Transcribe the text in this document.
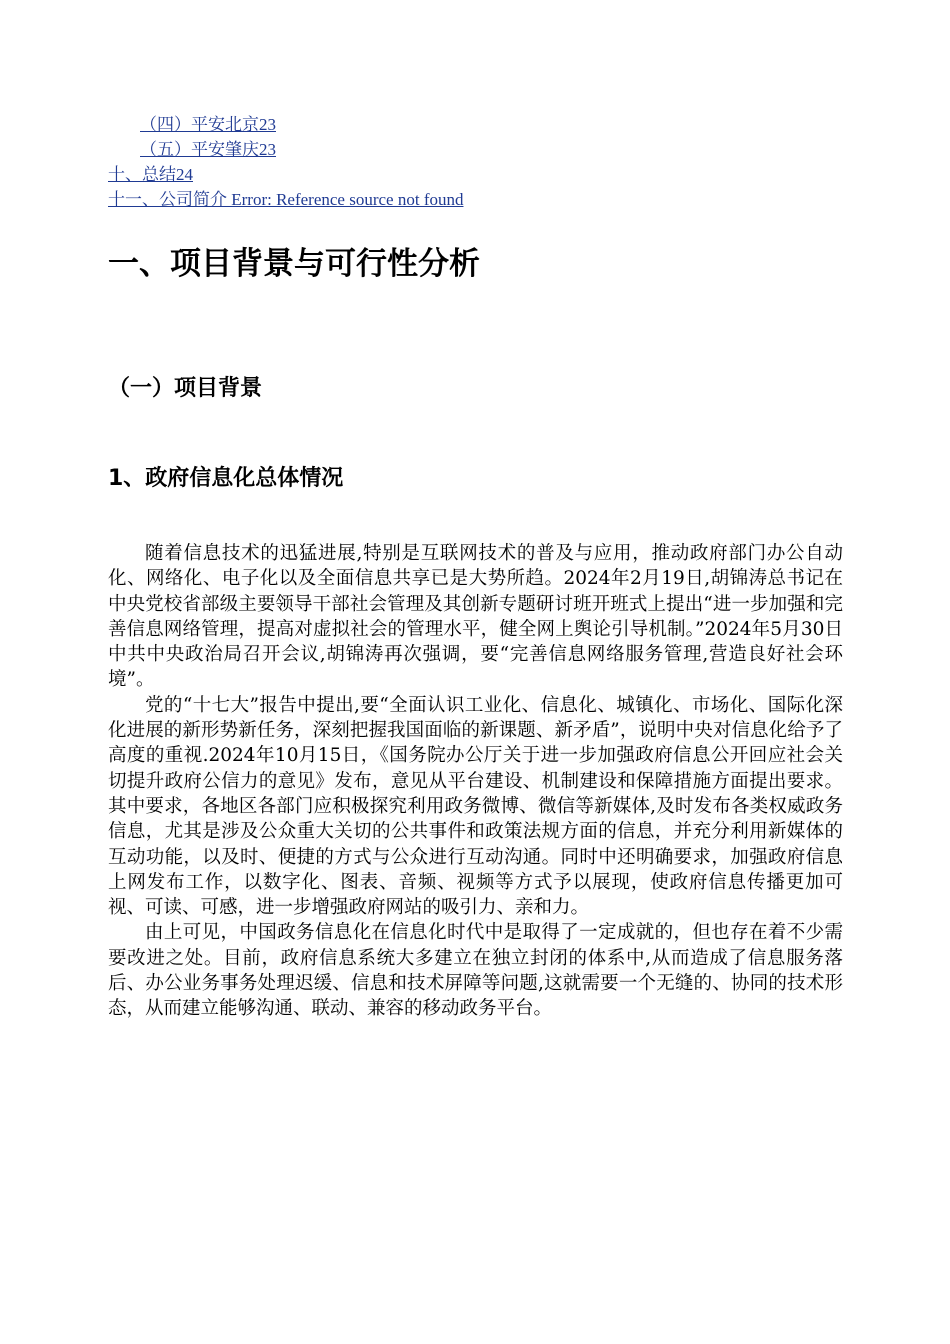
（四）平安北京23
（五）平安肇庆23
十、总结24
十一、公司简介 Error: Reference source not found
一、项目背景与可行性分析
（一）项目背景
1、政府信息化总体情况

随着信息技术的迅猛进展,特别是互联网技术的普及与应用，推动政府部门办公自动化、网络化、电子化以及全面信息共享已是大势所趋。2024年2月19日,胡锦涛总书记在中央党校省部级主要领导干部社会管理及其创新专题研讨班开班式上提出“进一步加强和完善信息网络管理，提高对虚拟社会的管理水平，健全网上舆论引导机制。”2024年5月30日中共中央政治局召开会议,胡锦涛再次强调，要“完善信息网络服务管理,营造良好社会环境”。

党的“十七大”报告中提出,要“全面认识工业化、信息化、城镇化、市场化、国际化深化进展的新形势新任务，深刻把握我国面临的新课题、新矛盾”，说明中央对信息化给予了高度的重视.2024年10月15日，《国务院办公厅关于进一步加强政府信息公开回应社会关切提升政府公信力的意见》发布，意见从平台建设、机制建设和保障措施方面提出要求。其中要求，各地区各部门应积极探究利用政务微博、微信等新媒体,及时发布各类权威政务信息，尤其是涉及公众重大关切的公共事件和政策法规方面的信息，并充分利用新媒体的互动功能，以及时、便捷的方式与公众进行互动沟通。同时中还明确要求，加强政府信息上网发布工作，以数字化、图表、音频、视频等方式予以展现，使政府信息传播更加可视、可读、可感，进一步增强政府网站的吸引力、亲和力。

由上可见，中国政务信息化在信息化时代中是取得了一定成就的，但也存在着不少需要改进之处。目前，政府信息系统大多建立在独立封闭的体系中,从而造成了信息服务落后、办公业务事务处理迟缓、信息和技术屏障等问题,这就需要一个无缝的、协同的技术形态，从而建立能够沟通、联动、兼容的移动政务平台。
